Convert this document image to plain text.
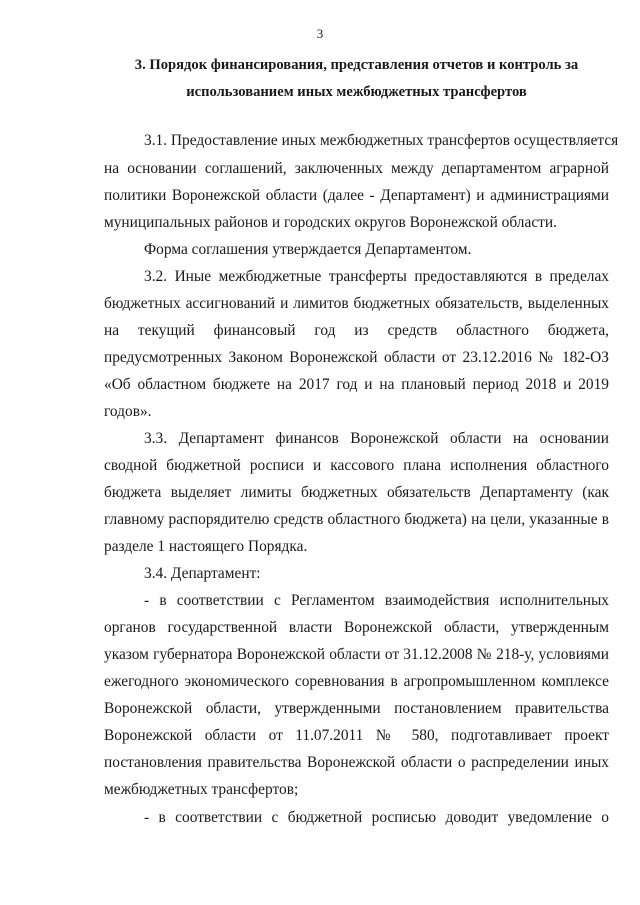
3
3. Порядок финансирования, представления отчетов и контроль за
использованием иных межбюджетных трансфертов
3.1. Предоставление иных межбюджетных трансфертов осуществляется
на основании соглашений, заключенных между департаментом аграрной
политики Воронежской области (далее - Департамент) и администрациями
муниципальных районов и городских округов Воронежской области.
Форма соглашения утверждается Департаментом.
3.2. Иные межбюджетные трансферты предоставляются в пределах
бюджетных ассигнований и лимитов бюджетных обязательств, выделенных
на текущий финансовый год из средств областного бюджета,
предусмотренных Законом Воронежской области от 23.12.2016 № 182-ОЗ
«Об областном бюджете на 2017 год и на плановый период 2018 и 2019
годов».
3.3. Департамент финансов Воронежской области на основании
сводной бюджетной росписи и кассового плана исполнения областного
бюджета выделяет лимиты бюджетных обязательств Департаменту (как
главному распорядителю средств областного бюджета) на цели, указанные в
разделе 1 настоящего Порядка.
3.4. Департамент:
- в соответствии с Регламентом взаимодействия исполнительных
органов государственной власти Воронежской области, утвержденным
указом губернатора Воронежской области от 31.12.2008 № 218-у, условиями
ежегодного экономического соревнования в агропромышленном комплексе
Воронежской области, утвержденными постановлением правительства
Воронежской области от 11.07.2011 № 580, подготавливает проект
постановления правительства Воронежской области о распределении иных
межбюджетных трансфертов;
- в соответствии с бюджетной росписью доводит уведомление о
